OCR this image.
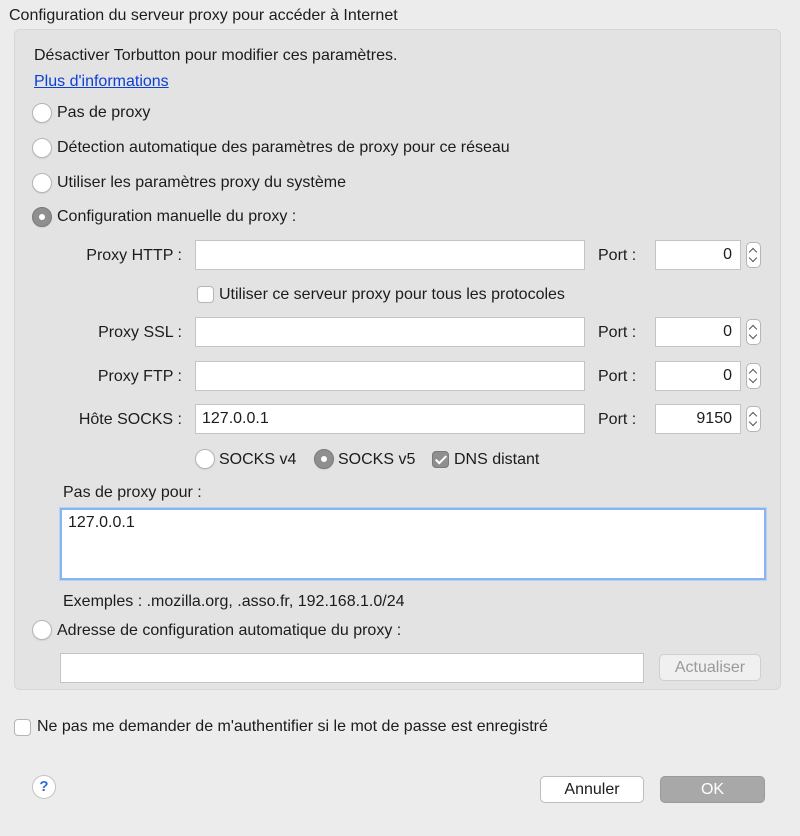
Configuration du serveur proxy pour accéder à Internet
Désactiver Torbutton pour modifier ces paramètres.
Plus d'informations
Pas de proxy
Détection automatique des paramètres de proxy pour ce réseau
Utiliser les paramètres proxy du système
Configuration manuelle du proxy :
Proxy HTTP :	Port :	0
Utiliser ce serveur proxy pour tous les protocoles
Proxy SSL :	Port :	0
Proxy FTP :	Port :	0
Hôte SOCKS :	127.0.0.1	Port :	9150
SOCKS v4	SOCKS v5 DNS distant
Pas de proxy pour :
127.0.0.1
Exemples : .mozilla.org, .asso.fr, 192.168.1.0/24
Adresse de configuration automatique du proxy :
Actualiser
Ne pas me demander de m'authentifier si le mot de passe est enregistré
?	Annuler	OK
